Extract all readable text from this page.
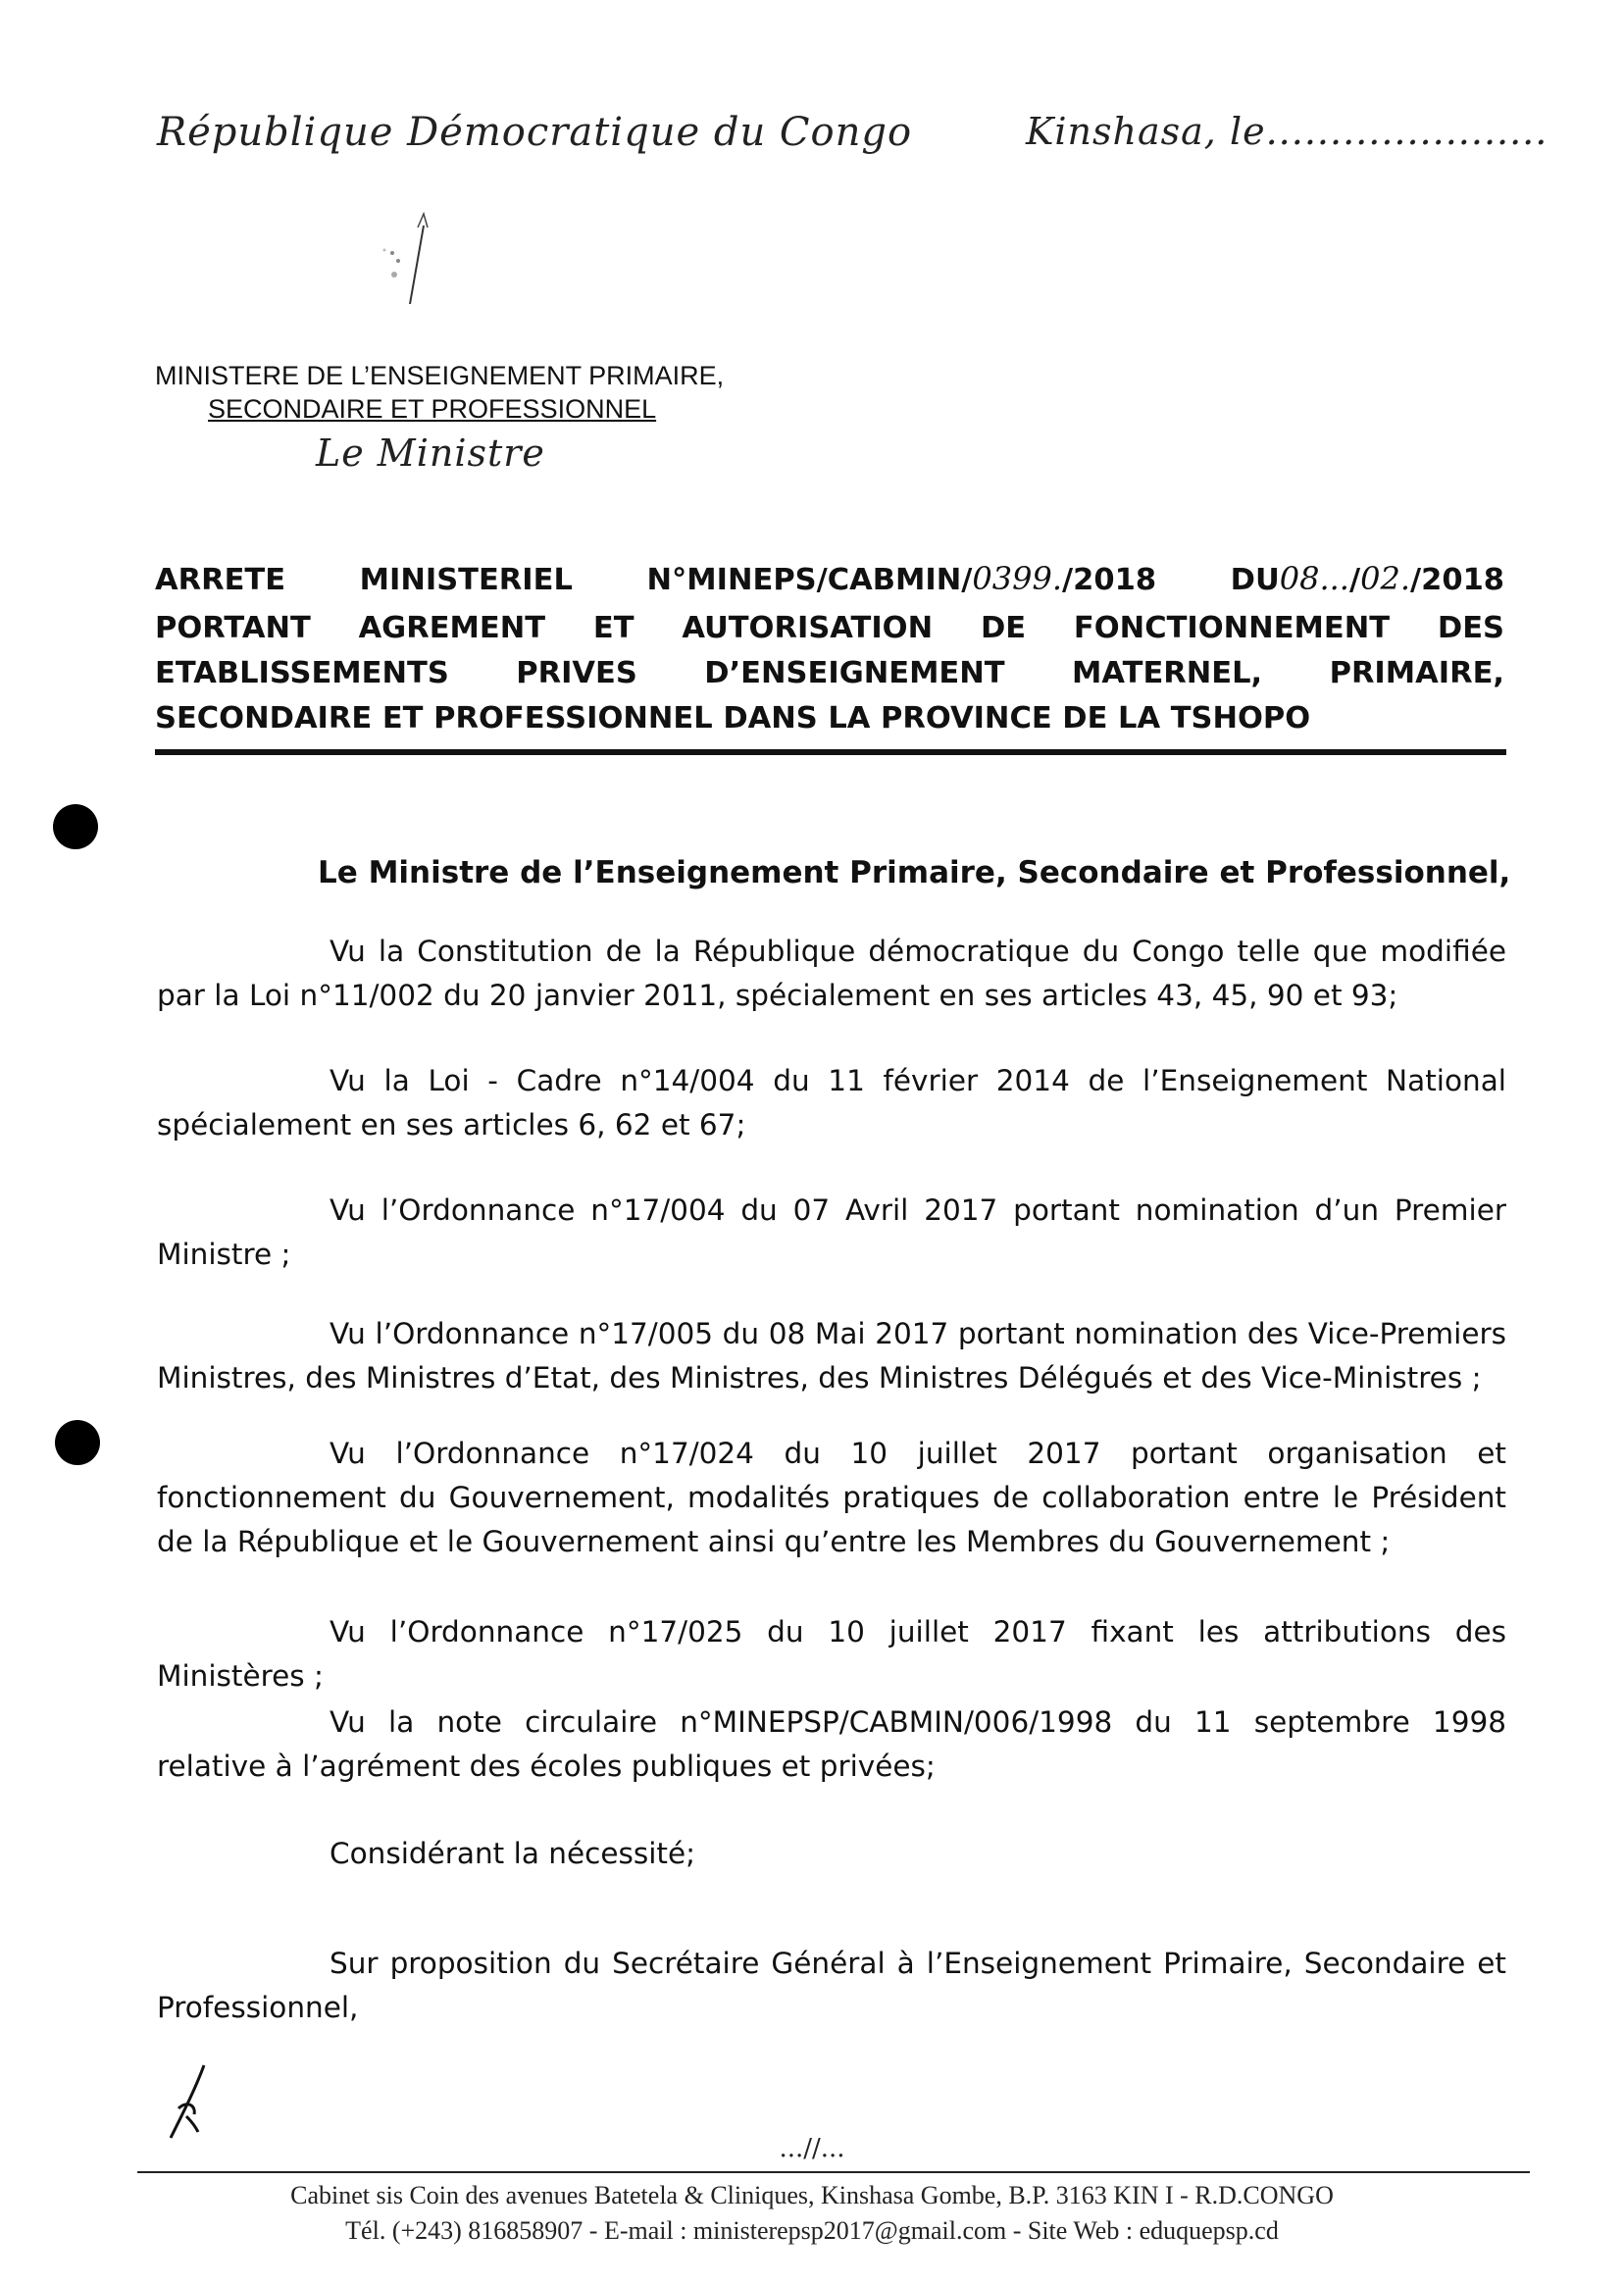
République Démocratique du Congo	Kinshasa, le......................
MINISTERE DE L’ENSEIGNEMENT PRIMAIRE,
SECONDAIRE ET PROFESSIONNEL
Le Ministre
ARRETE MINISTERIEL N°MINEPS/CABMIN/0399./2018 DU08.../02./2018
PORTANT AGREMENT ET AUTORISATION DE FONCTIONNEMENT DES
ETABLISSEMENTS PRIVES D’ENSEIGNEMENT MATERNEL, PRIMAIRE,
SECONDAIRE ET PROFESSIONNEL DANS LA PROVINCE DE LA TSHOPO
Le Ministre de l’Enseignement Primaire, Secondaire et Professionnel,
Vu la Constitution de la République démocratique du Congo telle que modifiée par la Loi n°11/002 du 20 janvier 2011, spécialement en ses articles 43, 45, 90 et 93;
Vu la Loi - Cadre n°14/004 du 11 février 2014 de l’Enseignement National spécialement en ses articles 6, 62 et 67;
Vu l’Ordonnance n°17/004 du 07 Avril 2017 portant nomination d’un Premier Ministre ;
Vu l’Ordonnance n°17/005 du 08 Mai 2017 portant nomination des Vice-Premiers Ministres, des Ministres d’Etat, des Ministres, des Ministres Délégués et des Vice-Ministres ;
Vu l’Ordonnance n°17/024 du 10 juillet 2017 portant organisation et fonctionnement du Gouvernement, modalités pratiques de collaboration entre le Président de la République et le Gouvernement ainsi qu’entre les Membres du Gouvernement ;
Vu l’Ordonnance n°17/025 du 10 juillet 2017 fixant les attributions des Ministères ;
Vu la note circulaire n°MINEPSP/CABMIN/006/1998 du 11 septembre 1998 relative à l’agrément des écoles publiques et privées;
Considérant la nécessité;
Sur proposition du Secrétaire Général à l’Enseignement Primaire, Secondaire et Professionnel,
...//...
Cabinet sis Coin des avenues Batetela & Cliniques, Kinshasa Gombe, B.P. 3163 KIN I - R.D.CONGO
Tél. (+243) 816858907 - E-mail : ministerepsp2017@gmail.com - Site Web : eduquepsp.cd
